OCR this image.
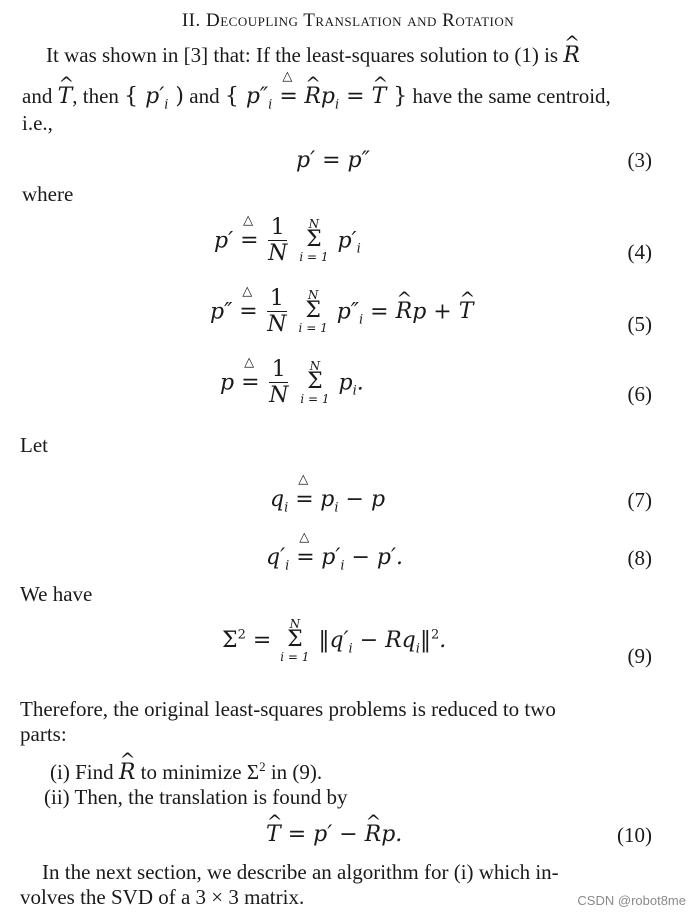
II. Decoupling Translation and Rotation
It was shown in [3] that: If the least-squares solution to (1) is ^ R
and ^ T, then { $p'_i$ ) and { $p''_i$
△
= ^ $Rp_i$ = ^ T } have the same centroid,
i.e.,
p′ = p″	(3)
where
p′
△
= $\frac{1}{N}$
	N
Σ
i = 1
$p'_i$	(4)
p″
△
= $\frac{1}{N}$
	N
Σ
i = 1
$p''_i$ = ^ Rp + ^ T	(5)
p
△
= $\frac{1}{N}$
	N
Σ
i = 1
$p_i$.	(6)
Let
$q_i$
△
= $p_i - p$	(7)
$q'_i$
△
= $p'_i - p'$.	(8)
We have
$\Sigma^2$ =
N
Σ
i = 1
$‖q'_i$ − $Rq_i‖^2$.
(9)
Therefore, the original least-squares problems is reduced to two
parts:
(i) Find ^ R to minimize $\Sigma^2$ in (9).
(ii) Then, the translation is found by
^ T = p′ − ^ Rp.	(10)
In the next section, we describe an algorithm for (i) which in-
volves the SVD of a 3 × 3 matrix.	CSDN @robot8me
